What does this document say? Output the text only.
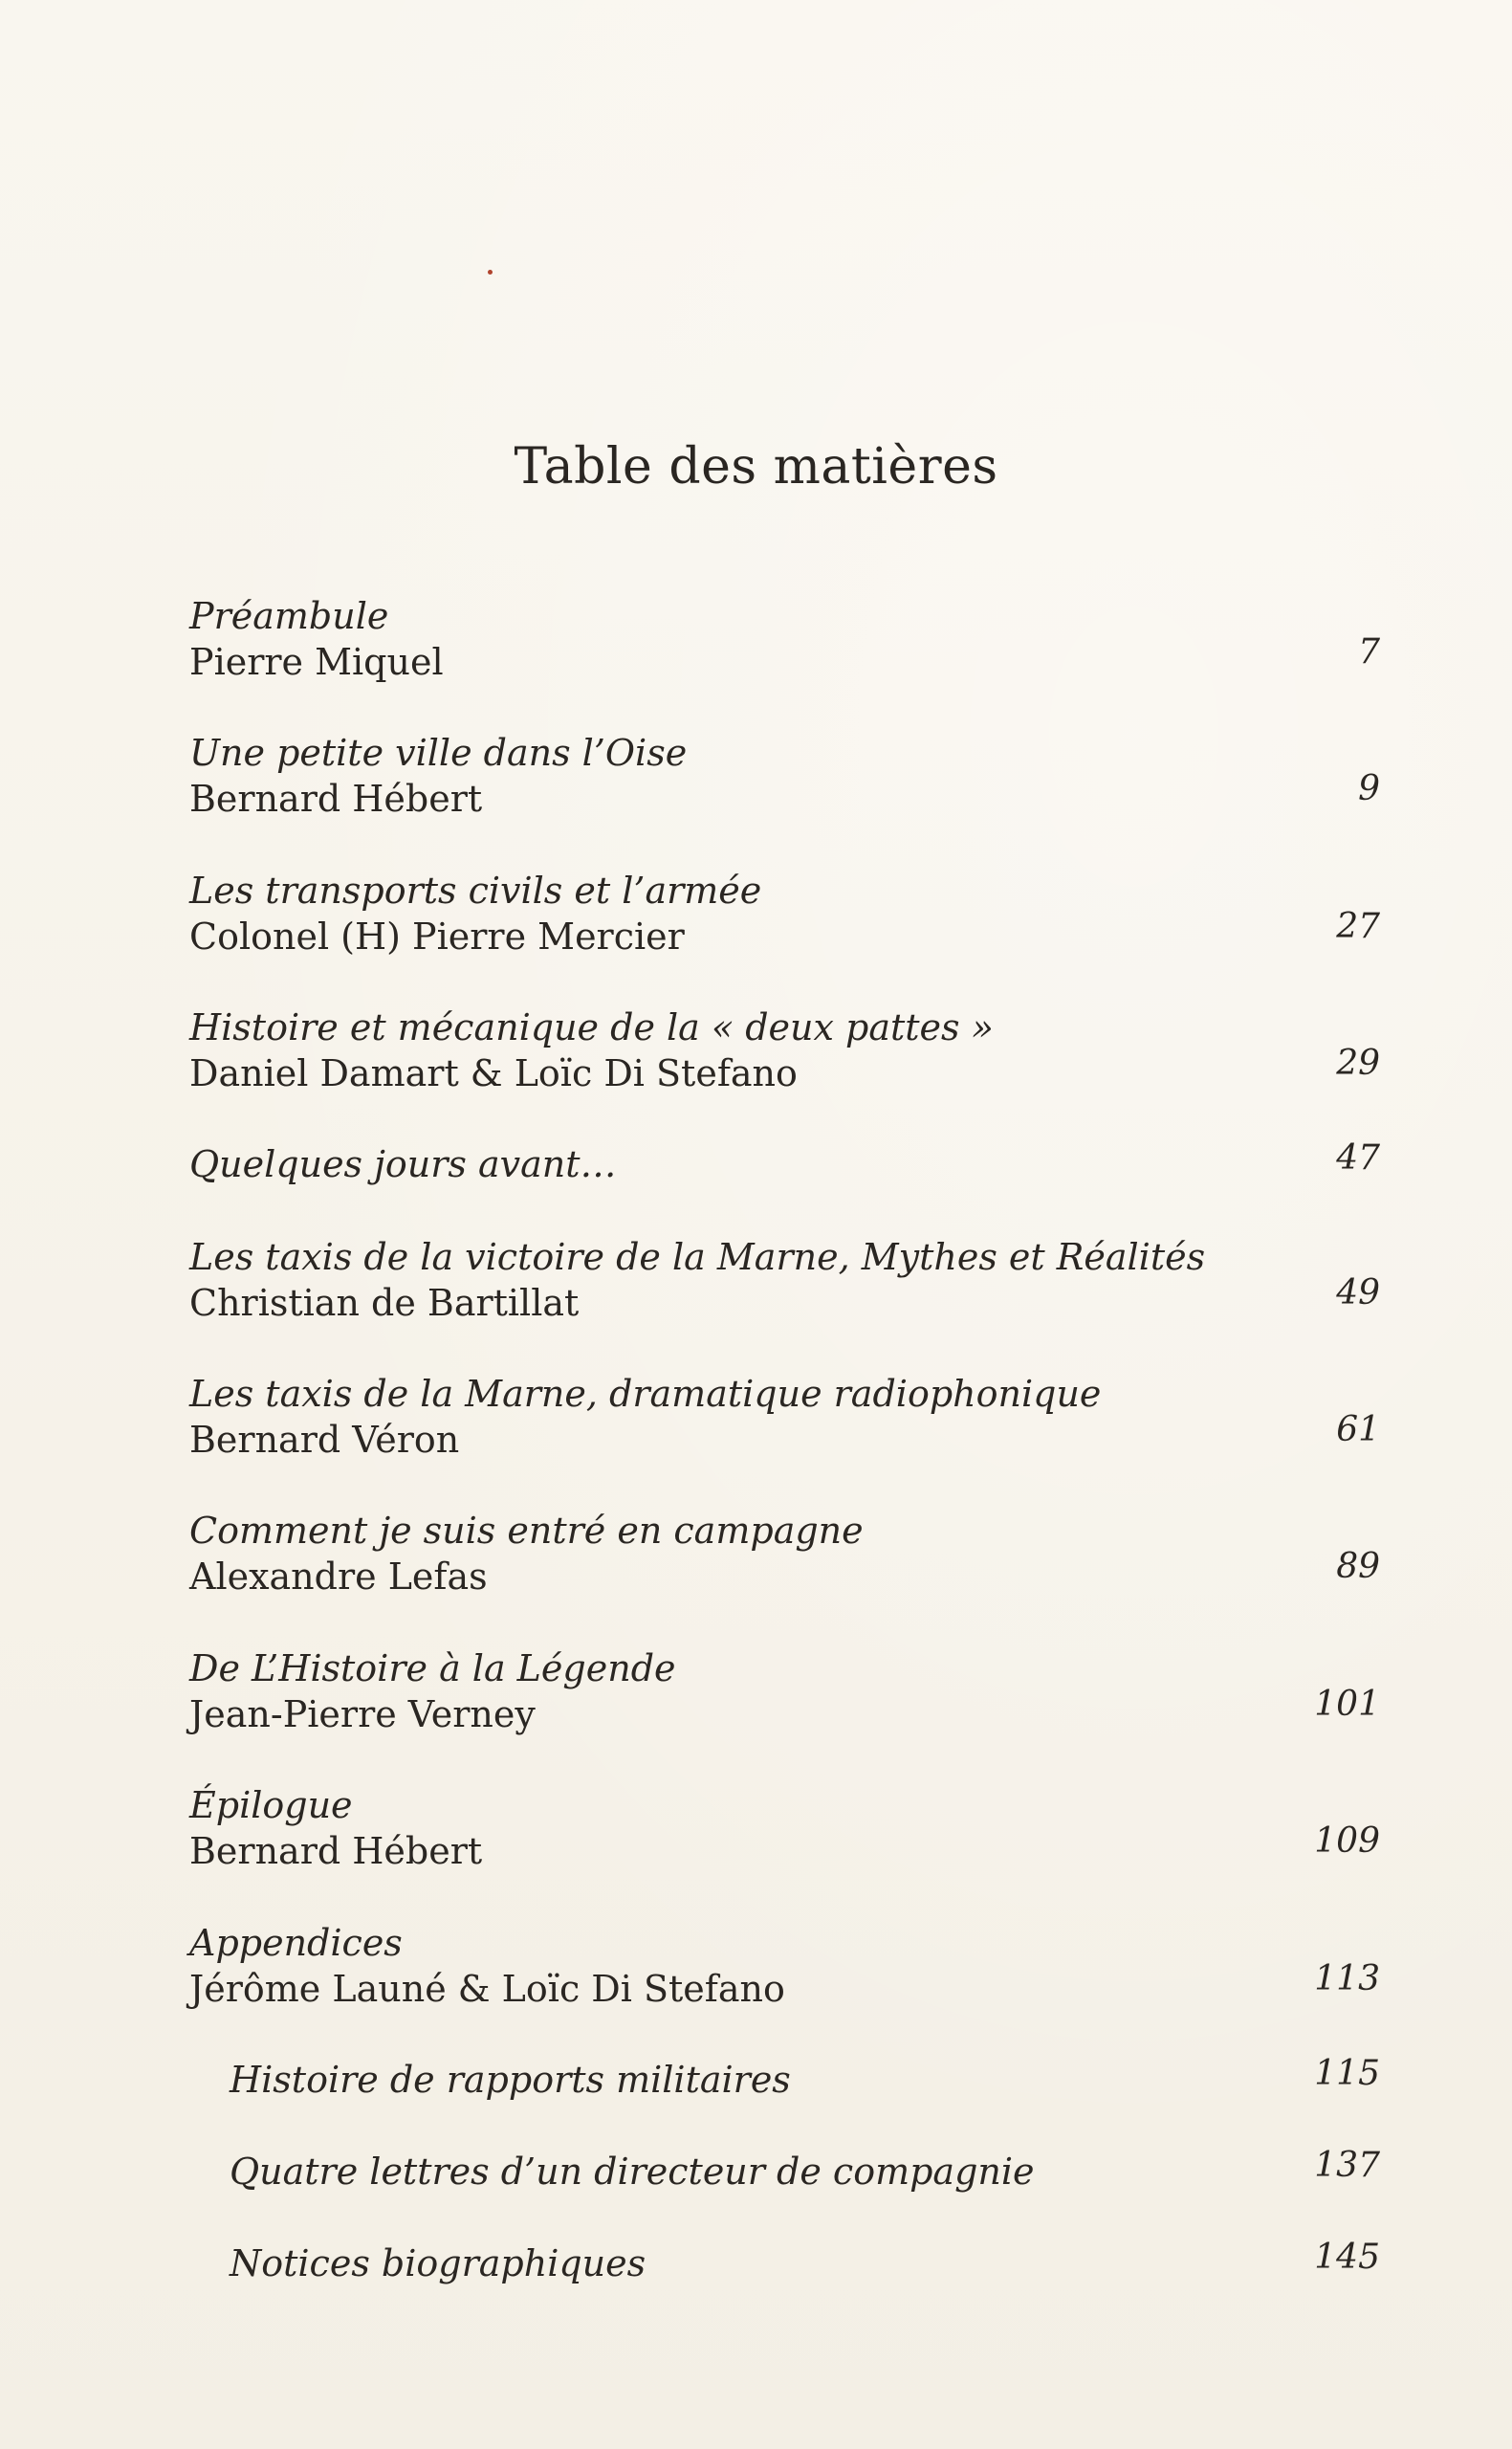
Table des matières
Préambule
Pierre Miquel	7
Une petite ville dans l’Oise
Bernard Hébert	9
Les transports civils et l’armée
Colonel (H) Pierre Mercier	27
Histoire et mécanique de la « deux pattes »
Daniel Damart & Loïc Di Stefano	29
Quelques jours avant…	47
Les taxis de la victoire de la Marne, Mythes et Réalités
Christian de Bartillat	49
Les taxis de la Marne, dramatique radiophonique
Bernard Véron	61
Comment je suis entré en campagne
Alexandre Lefas	89
De L’Histoire à la Légende
Jean-Pierre Verney	101
Épilogue
Bernard Hébert	109
Appendices
Jérôme Launé & Loïc Di Stefano	113
Histoire de rapports militaires	115
Quatre lettres d’un directeur de compagnie	137
Notices biographiques	145
